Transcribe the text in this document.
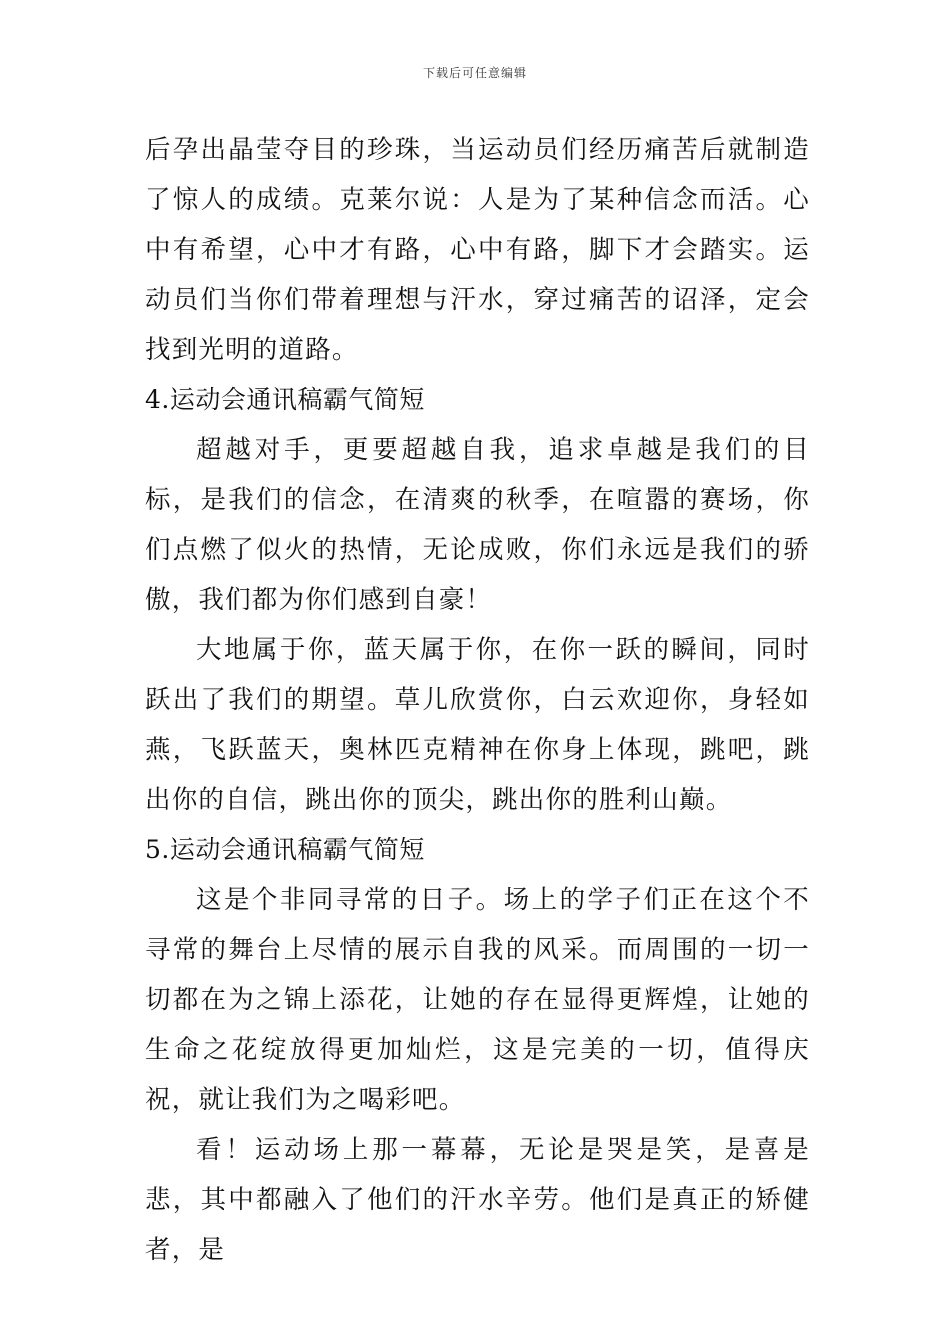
下载后可任意编辑

后孕出晶莹夺目的珍珠，当运动员们经历痛苦后就制造了惊人的成绩。克莱尔说：人是为了某种信念而活。心中有希望，心中才有路，心中有路，脚下才会踏实。运动员们当你们带着理想与汗水，穿过痛苦的诏泽，定会找到光明的道路。

4.运动会通讯稿霸气简短

超越对手，更要超越自我，追求卓越是我们的目标，是我们的信念，在清爽的秋季，在喧嚣的赛场，你们点燃了似火的热情，无论成败，你们永远是我们的骄傲，我们都为你们感到自豪！

大地属于你，蓝天属于你，在你一跃的瞬间，同时跃出了我们的期望。草儿欣赏你，白云欢迎你，身轻如燕，飞跃蓝天，奥林匹克精神在你身上体现，跳吧，跳出你的自信，跳出你的顶尖，跳出你的胜利山巅。

5.运动会通讯稿霸气简短

这是个非同寻常的日子。场上的学子们正在这个不寻常的舞台上尽情的展示自我的风采。而周围的一切一切都在为之锦上添花，让她的存在显得更辉煌，让她的生命之花绽放得更加灿烂，这是完美的一切，值得庆祝，就让我们为之喝彩吧。

看！运动场上那一幕幕，无论是哭是笑，是喜是悲，其中都融入了他们的汗水辛劳。他们是真正的矫健者，是
